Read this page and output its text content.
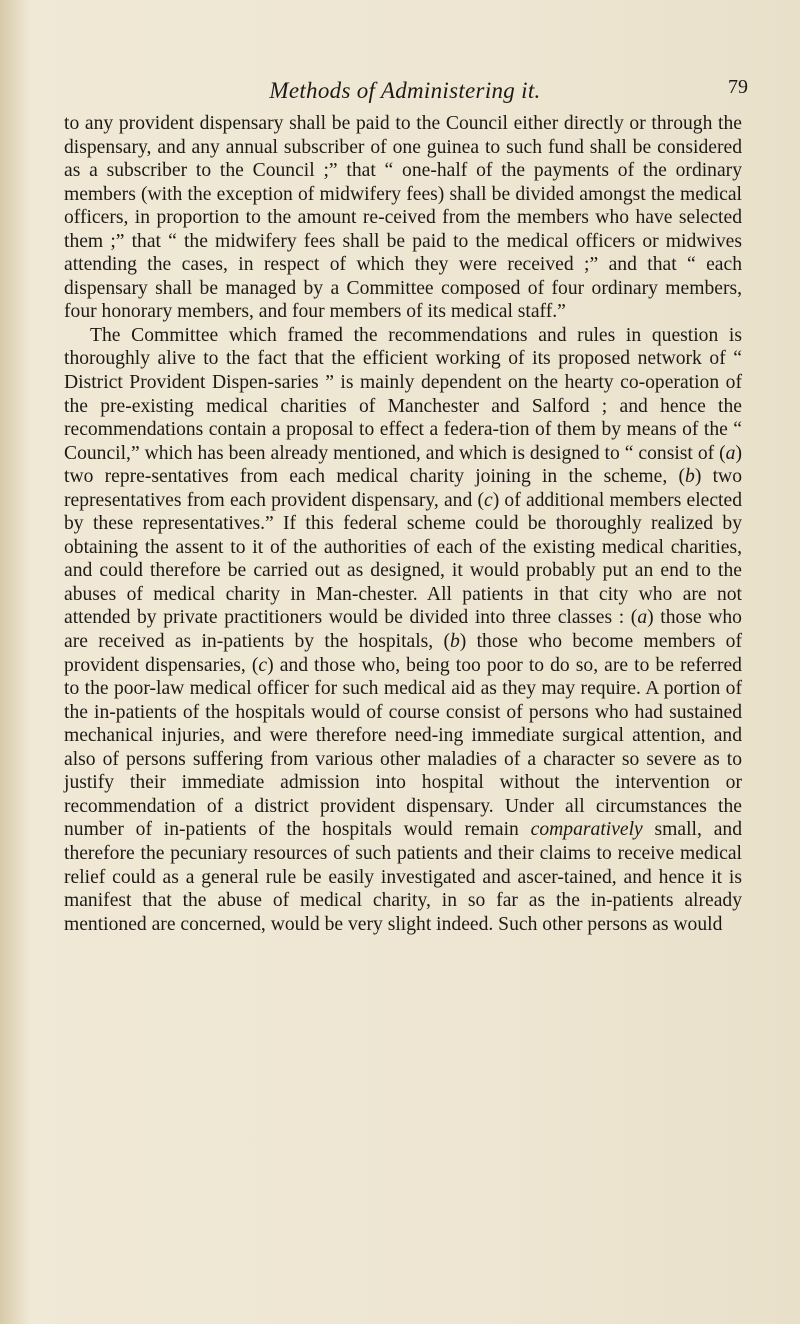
Methods of Administering it.	79

to any provident dispensary shall be paid to the Council either directly or through the dispensary, and any annual subscriber of one guinea to such fund shall be considered as a subscriber to the Council ;” that “ one-half of the payments of the ordinary members (with the exception of midwifery fees) shall be divided amongst the medical officers, in proportion to the amount re-ceived from the members who have selected them ;” that “ the midwifery fees shall be paid to the medical officers or midwives attending the cases, in respect of which they were received ;” and that “ each dispensary shall be managed by a Committee composed of four ordinary members, four honorary members, and four members of its medical staff.”

The Committee which framed the recommendations and rules in question is thoroughly alive to the fact that the efficient working of its proposed network of “ District Provident Dispen-saries ” is mainly dependent on the hearty co-operation of the pre-existing medical charities of Manchester and Salford ; and hence the recommendations contain a proposal to effect a federa-tion of them by means of the “ Council,” which has been already mentioned, and which is designed to “ consist of (a) two repre-sentatives from each medical charity joining in the scheme, (b) two representatives from each provident dispensary, and (c) of additional members elected by these representatives.” If this federal scheme could be thoroughly realized by obtaining the assent to it of the authorities of each of the existing medical charities, and could therefore be carried out as designed, it would probably put an end to the abuses of medical charity in Man-chester. All patients in that city who are not attended by private practitioners would be divided into three classes : (a) those who are received as in-patients by the hospitals, (b) those who become members of provident dispensaries, (c) and those who, being too poor to do so, are to be referred to the poor-law medical officer for such medical aid as they may require. A portion of the in-patients of the hospitals would of course consist of persons who had sustained mechanical injuries, and were therefore need-ing immediate surgical attention, and also of persons suffering from various other maladies of a character so severe as to justify their immediate admission into hospital without the intervention or recommendation of a district provident dispensary. Under all circumstances the number of in-patients of the hospitals would remain comparatively small, and therefore the pecuniary resources of such patients and their claims to receive medical relief could as a general rule be easily investigated and ascer-tained, and hence it is manifest that the abuse of medical charity, in so far as the in-patients already mentioned are concerned, would be very slight indeed. Such other persons as would
